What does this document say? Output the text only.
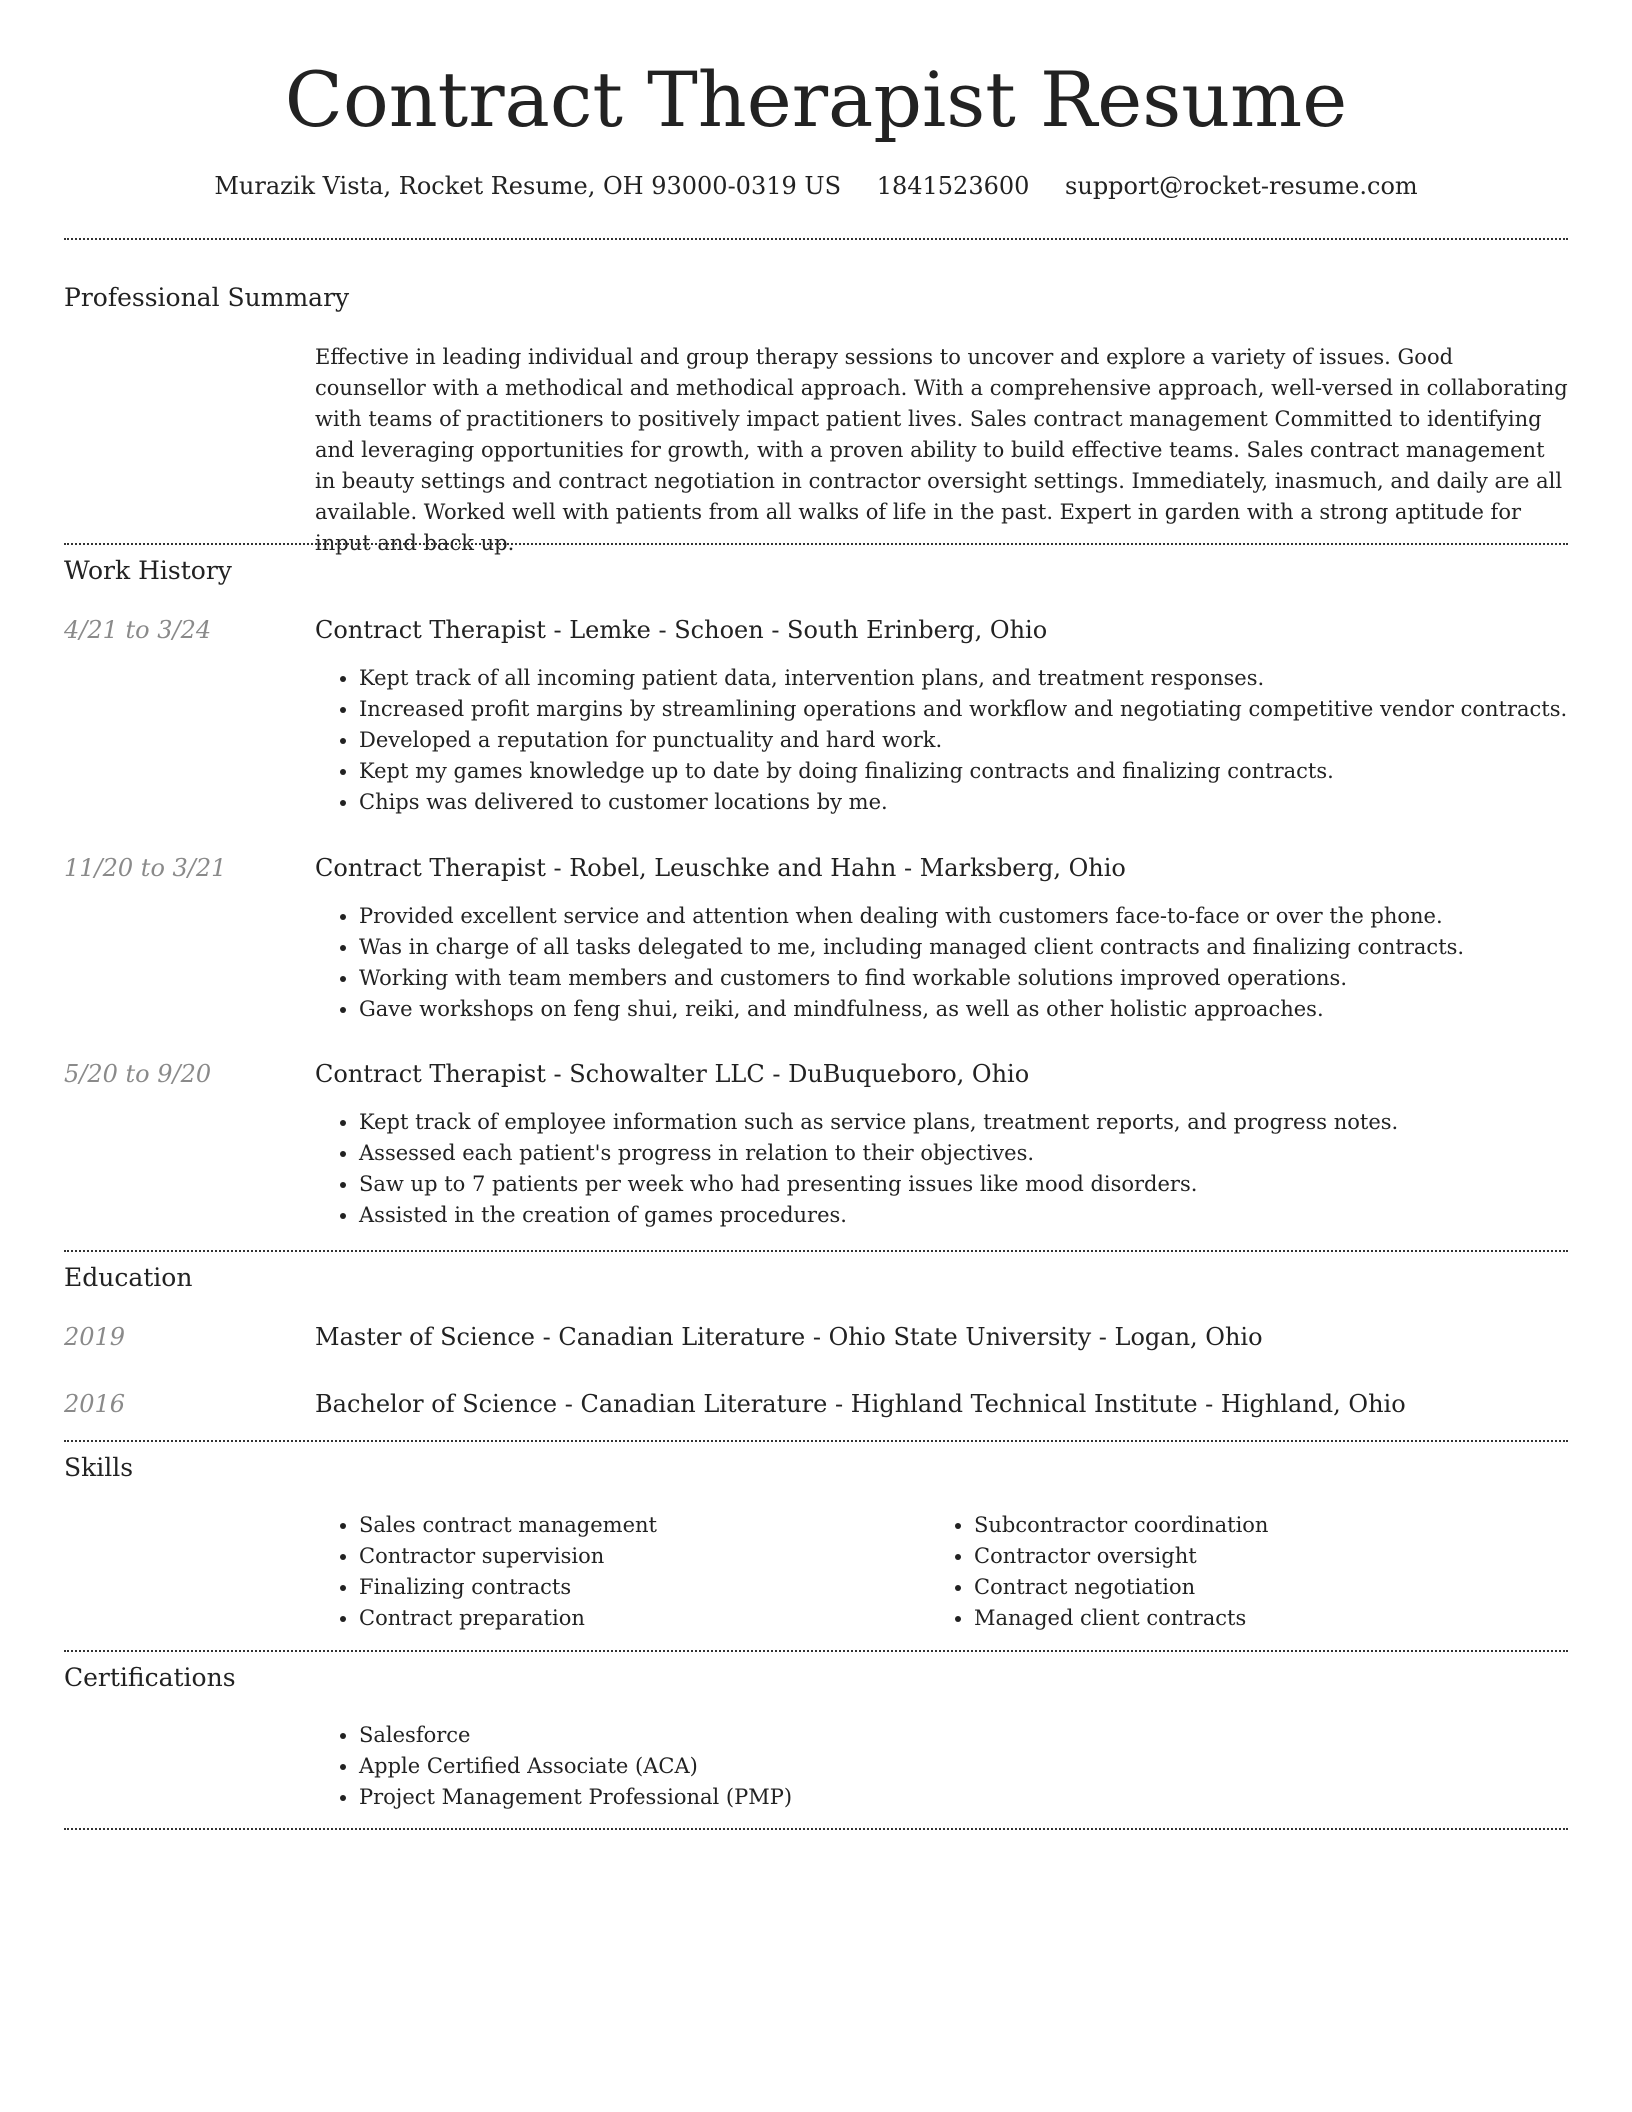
Contract Therapist Resume
Murazik Vista, Rocket Resume, OH 93000-0319 US 1841523600 support@rocket-resume.com
Professional Summary

Effective in leading individual and group therapy sessions to uncover and explore a variety of issues. Good counsellor with a methodical and methodical approach. With a comprehensive approach, well-versed in collaborating with teams of practitioners to positively impact patient lives. Sales contract management Committed to identifying and leveraging opportunities for growth, with a proven ability to build effective teams. Sales contract management in beauty settings and contract negotiation in contractor oversight settings. Immediately, inasmuch, and daily are all available. Worked well with patients from all walks of life in the past. Expert in garden with a strong aptitude for input and back up.

Work History
4/21 to 3/24	Contract Therapist - Lemke - Schoen - South Erinberg, Ohio
• Kept track of all incoming patient data, intervention plans, and treatment responses.
• Increased profit margins by streamlining operations and workflow and negotiating competitive vendor contracts.
• Developed a reputation for punctuality and hard work.
• Kept my games knowledge up to date by doing finalizing contracts and finalizing contracts.
• Chips was delivered to customer locations by me.
11/20 to 3/21	Contract Therapist - Robel, Leuschke and Hahn - Marksberg, Ohio
• Provided excellent service and attention when dealing with customers face-to-face or over the phone.
• Was in charge of all tasks delegated to me, including managed client contracts and finalizing contracts.
• Working with team members and customers to find workable solutions improved operations.
• Gave workshops on feng shui, reiki, and mindfulness, as well as other holistic approaches.
5/20 to 9/20	Contract Therapist - Schowalter LLC - DuBuqueboro, Ohio
• Kept track of employee information such as service plans, treatment reports, and progress notes.
• Assessed each patient's progress in relation to their objectives.
• Saw up to 7 patients per week who had presenting issues like mood disorders.
• Assisted in the creation of games procedures.
Education
2019	Master of Science - Canadian Literature - Ohio State University - Logan, Ohio
2016	Bachelor of Science - Canadian Literature - Highland Technical Institute - Highland, Ohio
Skills
• Sales contract management
• Contractor supervision
• Finalizing contracts
• Contract preparation
• Subcontractor coordination
• Contractor oversight
• Contract negotiation
• Managed client contracts
Certifications
• Salesforce
• Apple Certified Associate (ACA)
• Project Management Professional (PMP)
